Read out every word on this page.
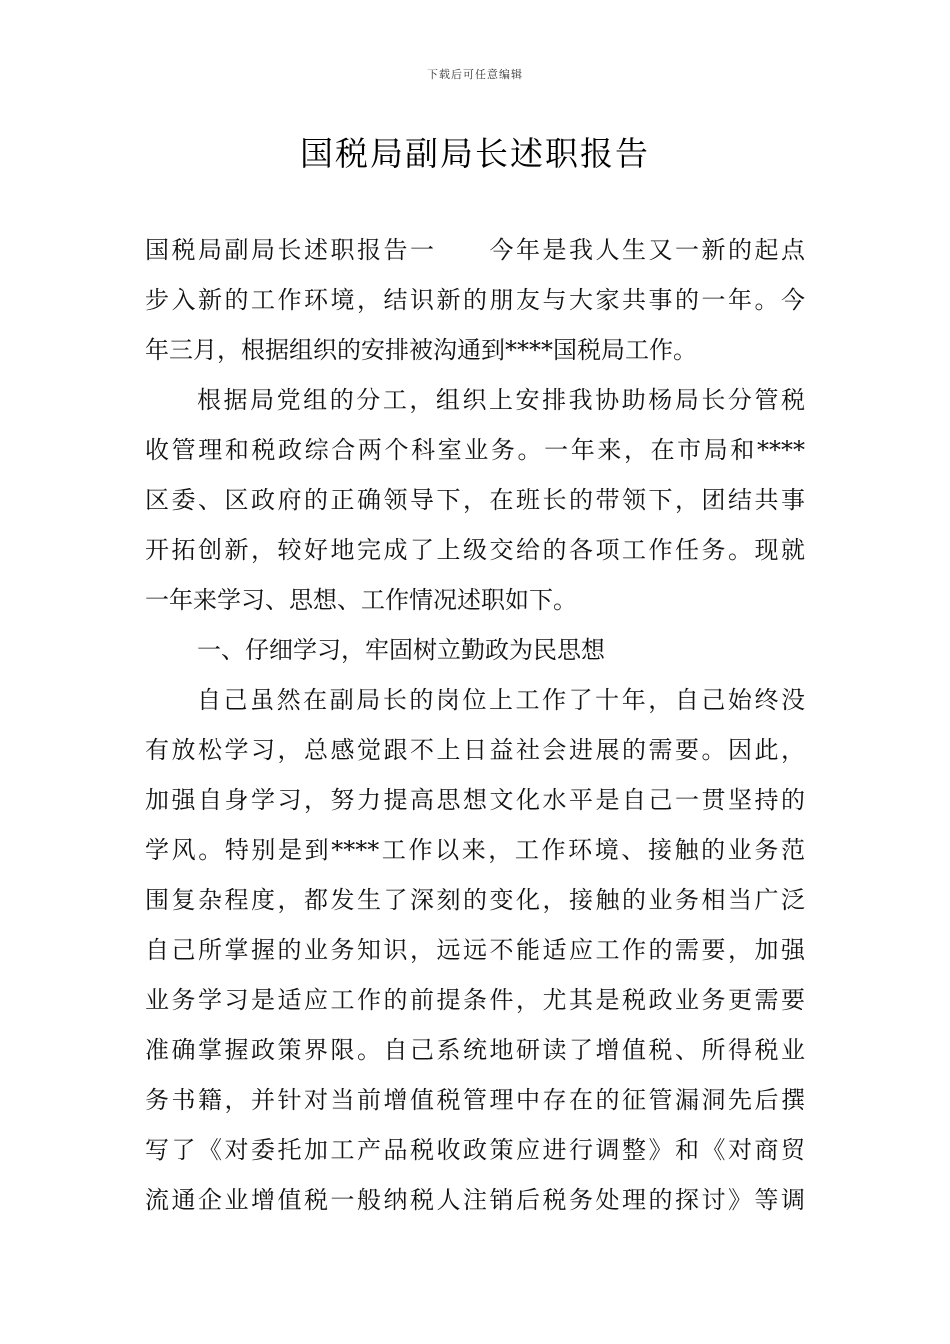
下载后可任意编辑
国税局副局长述职报告
国税局副局长述职报告一　　今年是我人生又一新的起点
步入新的工作环境，结识新的朋友与大家共事的一年。今
年三月，根据组织的安排被沟通到****国税局工作。
根据局党组的分工，组织上安排我协助杨局长分管税
收管理和税政综合两个科室业务。一年来，在市局和****
区委、区政府的正确领导下，在班长的带领下，团结共事
开拓创新，较好地完成了上级交给的各项工作任务。现就
一年来学习、思想、工作情况述职如下。
一、仔细学习，牢固树立勤政为民思想
自己虽然在副局长的岗位上工作了十年，自己始终没
有放松学习，总感觉跟不上日益社会进展的需要。因此，
加强自身学习，努力提高思想文化水平是自己一贯坚持的
学风。特别是到****工作以来，工作环境、接触的业务范
围复杂程度，都发生了深刻的变化，接触的业务相当广泛
自己所掌握的业务知识，远远不能适应工作的需要，加强
业务学习是适应工作的前提条件，尤其是税政业务更需要
准确掌握政策界限。自己系统地研读了增值税、所得税业
务书籍，并针对当前增值税管理中存在的征管漏洞先后撰
写了《对委托加工产品税收政策应进行调整》和《对商贸
流通企业增值税一般纳税人注销后税务处理的探讨》等调
